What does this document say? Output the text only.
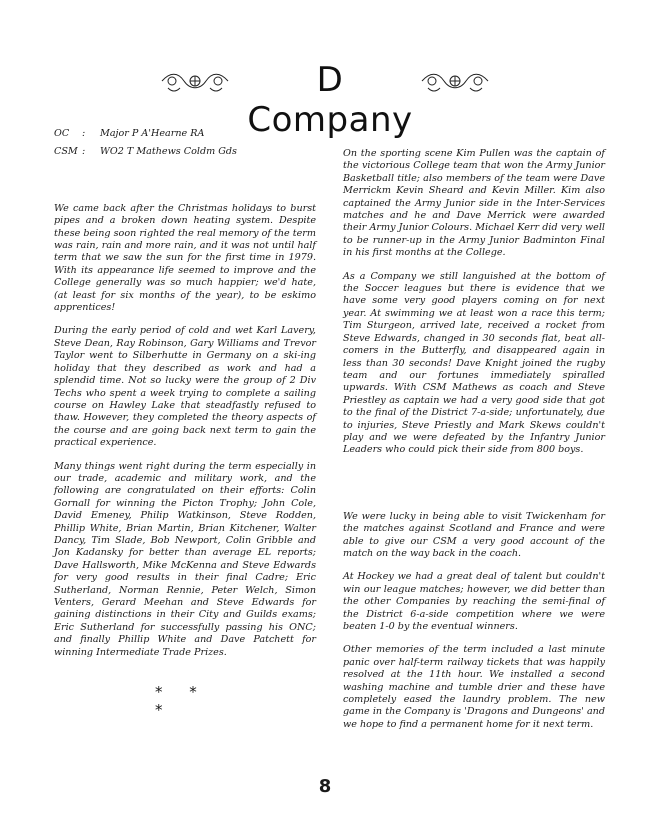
D Company
OC	:	Major P A'Hearne RA
CSM :	WO2 T Mathews Coldm Gds

We came back after the Christmas holidays to burst pipes and a broken down heating system. Despite these being soon righted the real memory of the term was rain, rain and more rain, and it was not until half term that we saw the sun for the first time in 1979. With its appearance life seemed to improve and the College generally was so much happier; we'd hate, (at least for six months of the year), to be eskimo apprentices!

During the early period of cold and wet Karl Lavery, Steve Dean, Ray Robinson, Gary Williams and Trevor Taylor went to Silberhutte in Germany on a ski-ing holiday that they described as work and had a splendid time. Not so lucky were the group of 2 Div Techs who spent a week trying to complete a sailing course on Hawley Lake that steadfastly refused to thaw. However, they completed the theory aspects of the course and are going back next term to gain the practical experience.

Many things went right during the term especially in our trade, academic and military work, and the following are congratulated on their efforts: Colin Gornall for winning the Picton Trophy; John Cole, David Emeney, Philip Watkinson, Steve Rodden, Phillip White, Brian Martin, Brian Kitchener, Walter Dancy, Tim Slade, Bob Newport, Colin Gribble and Jon Kadansky for better than average EL reports; Dave Hallsworth, Mike McKenna and Steve Edwards for very good results in their final Cadre; Eric Sutherland, Norman Rennie, Peter Welch, Simon Venters, Gerard Meehan and Steve Edwards for gaining distinctions in their City and Guilds exams; Eric Sutherland for successfully passing his ONC; and finally Phillip White and Dave Patchett for winning Intermediate Trade Prizes.

* * *

On the sporting scene Kim Pullen was the captain of the victorious College team that won the Army Junior Basketball title; also members of the team were Dave Merrickm Kevin Sheard and Kevin Miller. Kim also captained the Army Junior side in the Inter-Services matches and he and Dave Merrick were awarded their Army Junior Colours. Michael Kerr did very well to be runner-up in the Army Junior Badminton Final in his first months at the College.

As a Company we still languished at the bottom of the Soccer leagues but there is evidence that we have some very good players coming on for next year. At swimming we at least won a race this term; Tim Sturgeon, arrived late, received a rocket from Steve Edwards, changed in 30 seconds flat, beat all-comers in the Butterfly, and disappeared again in less than 30 seconds! Dave Knight joined the rugby team and our fortunes immediately spiralled upwards. With CSM Mathews as coach and Steve Priestley as captain we had a very good side that got to the final of the District 7-a-side; unfortunately, due to injuries, Steve Priestly and Mark Skews couldn't play and we were defeated by the Infantry Junior Leaders who could pick their side from 800 boys.

We were lucky in being able to visit Twickenham for the matches against Scotland and France and were able to give our CSM a very good account of the match on the way back in the coach.

At Hockey we had a great deal of talent but couldn't win our league matches; however, we did better than the other Companies by reaching the semi-final of the District 6-a-side competition where we were beaten 1-0 by the eventual winners.

Other memories of the term included a last minute panic over half-term railway tickets that was happily resolved at the 11th hour. We installed a second washing machine and tumble drier and these have completely eased the laundry problem. The new game in the Company is 'Dragons and Dungeons' and we hope to find a permanent home for it next term.

8
